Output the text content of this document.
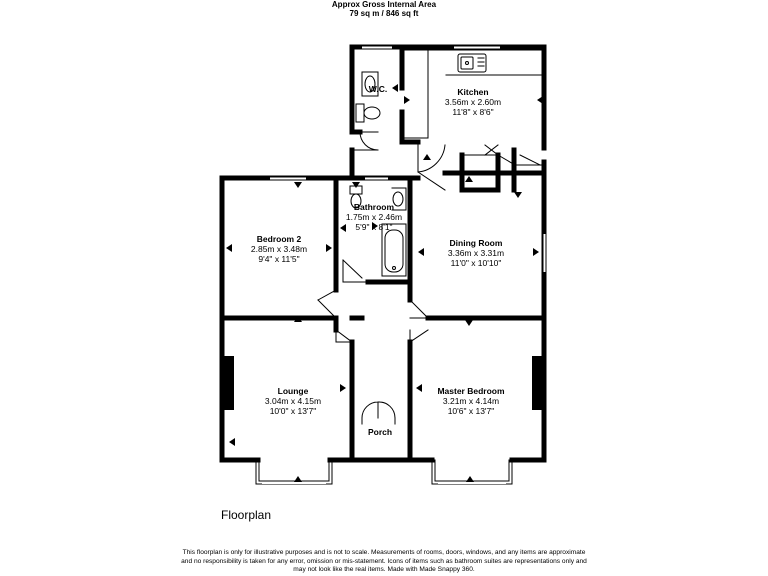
Approx Gross Internal Area
79 sq m / 846 sq ft
W.C.	Kitchen
3.56m x 2.60m
11'8" x 8'6"
Bathroom
1.75m x 2.46m
5'9" x 8'1"
Bedroom 2
2.85m x 3.48m
9'4" x 11'5"
Dining Room
3.36m x 3.31m
11'0" x 10'10"
Lounge
3.04m x 4.15m
10'0" x 13'7"
Master Bedroom
3.21m x 4.14m
10'6" x 13'7"
Porch
Floorplan
This floorplan is only for illustrative purposes and is not to scale. Measurements of rooms, doors, windows, and any items are approximate
and no responsibility is taken for any error, omission or mis-statement. Icons of items such as bathroom suites are representations only and
may not look like the real items. Made with Made Snappy 360.
